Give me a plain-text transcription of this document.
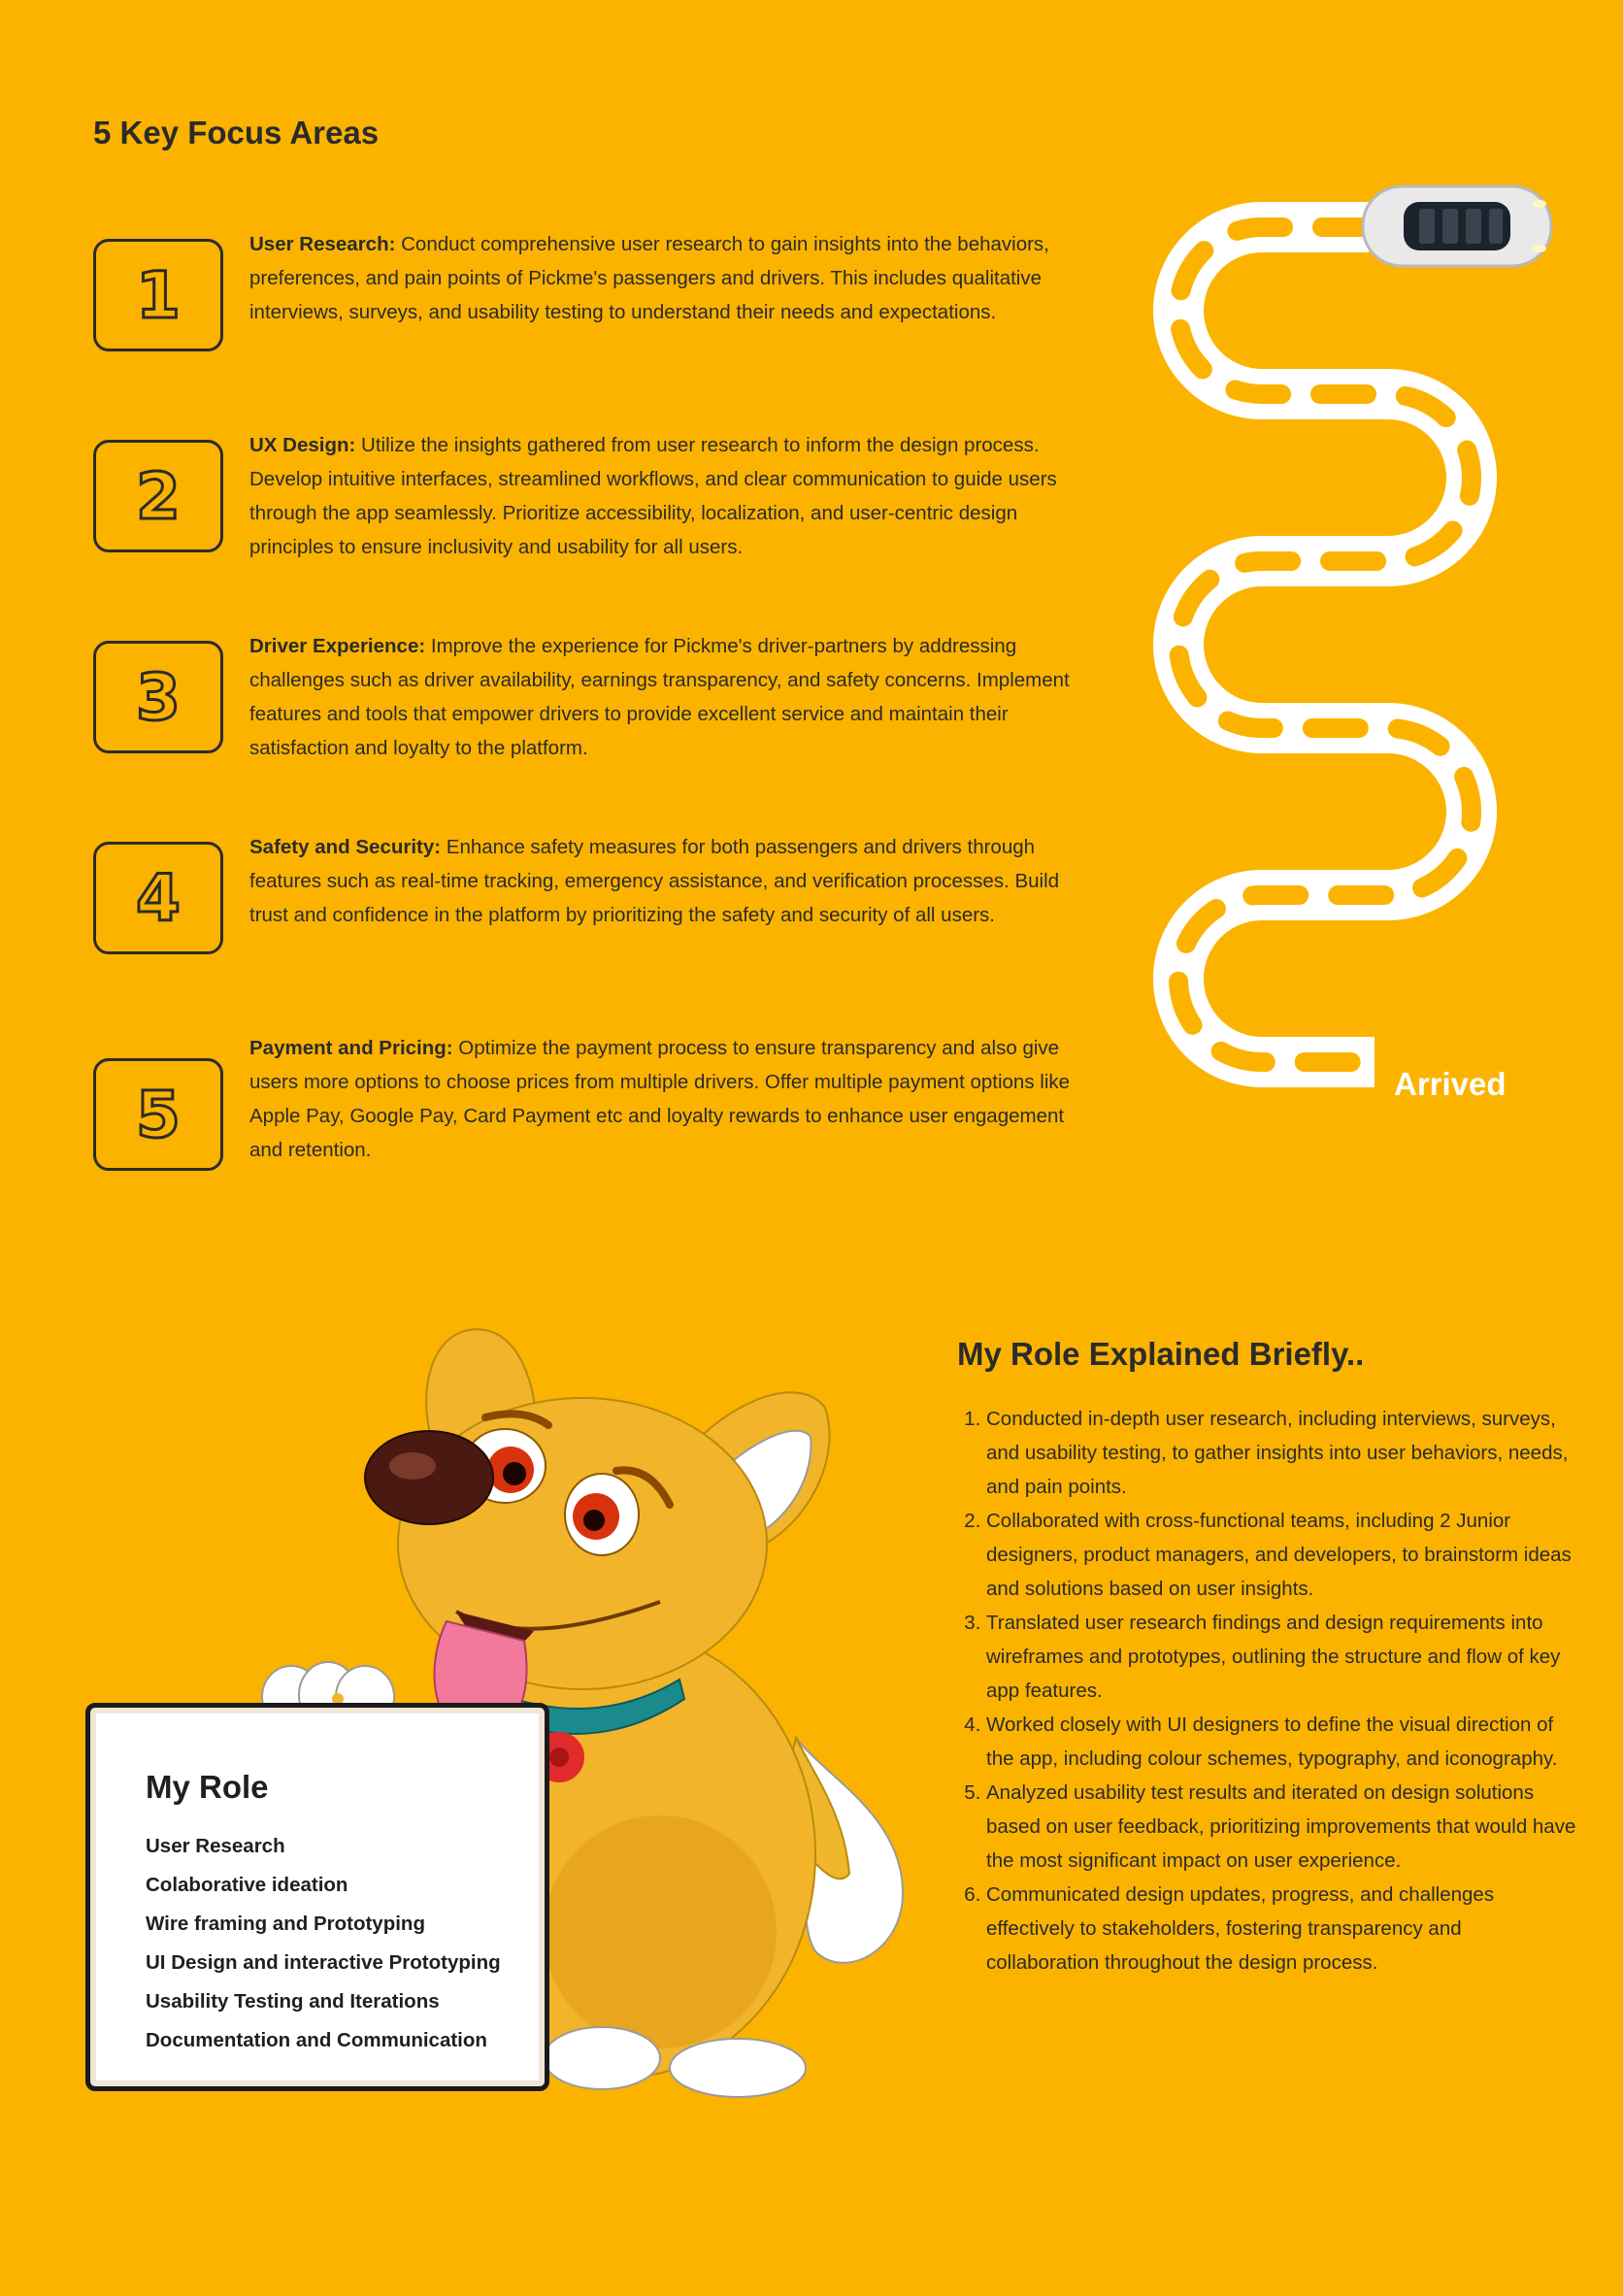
5 Key Focus Areas
1

User Research: Conduct comprehensive user research to gain insights into the behaviors, preferences, and pain points of Pickme's passengers and drivers. This includes qualitative interviews, surveys, and usability testing to understand their needs and expectations.

2

UX Design: Utilize the insights gathered from user research to inform the design process. Develop intuitive interfaces, streamlined workflows, and clear communication to guide users through the app seamlessly. Prioritize accessibility, localization, and user-centric design principles to ensure inclusivity and usability for all users.

3

Driver Experience: Improve the experience for Pickme's driver-partners by addressing challenges such as driver availability, earnings transparency, and safety concerns. Implement features and tools that empower drivers to provide excellent service and maintain their satisfaction and loyalty to the platform.

4

Safety and Security: Enhance safety measures for both passengers and drivers through features such as real-time tracking, emergency assistance, and verification processes. Build trust and confidence in the platform by prioritizing the safety and security of all users.

5

Payment and Pricing: Optimize the payment process to ensure transparency and also give users more options to choose prices from multiple drivers. Offer multiple payment options like Apple Pay, Google Pay, Card Payment etc and loyalty rewards to enhance user engagement and retention.

Arrived
My Role
User Research
Colaborative ideation
Wire framing and Prototyping
UI Design and interactive Prototyping
Usability Testing and Iterations
Documentation and Communication
My Role Explained Briefly..
1. Conducted in-depth user research, including interviews, surveys, and usability testing, to gather insights into user behaviors, needs, and pain points.
2. Collaborated with cross-functional teams, including 2 Junior designers, product managers, and developers, to brainstorm ideas and solutions based on user insights.
3. Translated user research findings and design requirements into wireframes and prototypes, outlining the structure and flow of key app features.
4. Worked closely with UI designers to define the visual direction of the app, including colour schemes, typography, and iconography.
5. Analyzed usability test results and iterated on design solutions based on user feedback, prioritizing improvements that would have the most significant impact on user experience.
6. Communicated design updates, progress, and challenges effectively to stakeholders, fostering transparency and collaboration throughout the design process.
